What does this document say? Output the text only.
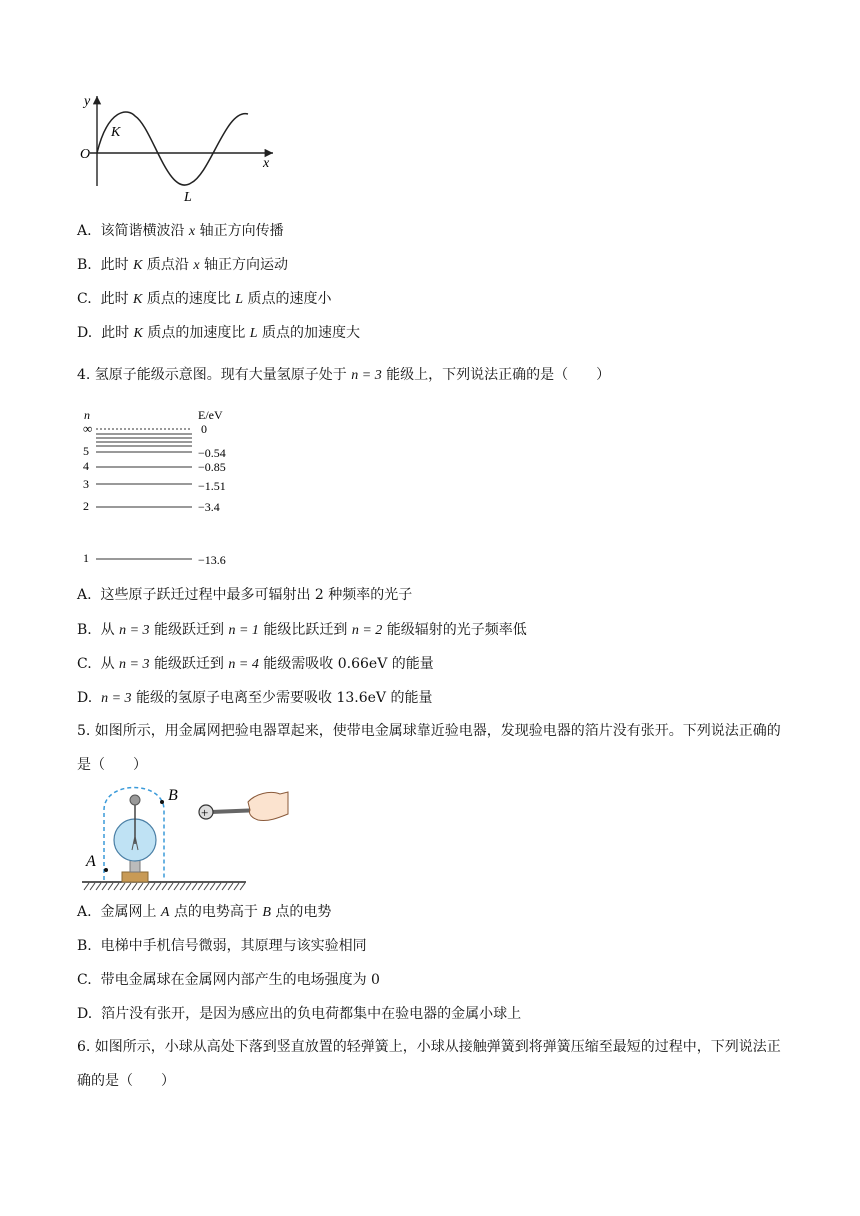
y
x
O
K
L
A. 该简谐横波沿 x 轴正方向传播
B. 此时 K 质点沿 x 轴正方向运动
C. 此时 K 质点的速度比 L 质点的速度小
D. 此时 K 质点的加速度比 L 质点的加速度大
4. 氢原子能级示意图。现有大量氢原子处于 n = 3 能级上，下列说法正确的是（　　）
n	E/eV
∞	0
5	−0.54
4	−0.85
3	−1.51
2	−3.4
1	−13.6
A. 这些原子跃迁过程中最多可辐射出 2 种频率的光子
B. 从 n = 3 能级跃迁到 n = 1 能级比跃迁到 n = 2 能级辐射的光子频率低
C. 从 n = 3 能级跃迁到 n = 4 能级需吸收 0.66eV 的能量
D. n = 3 能级的氢原子电离至少需要吸收 13.6eV 的能量
5. 如图所示，用金属网把验电器罩起来，使带电金属球靠近验电器，发现验电器的箔片没有张开。下列说法正确的是（　　）
A
B
+
A. 金属网上 A 点的电势高于 B 点的电势
B. 电梯中手机信号微弱，其原理与该实验相同
C. 带电金属球在金属网内部产生的电场强度为 0
D. 箔片没有张开，是因为感应出的负电荷都集中在验电器的金属小球上
6. 如图所示，小球从高处下落到竖直放置的轻弹簧上，小球从接触弹簧到将弹簧压缩至最短的过程中，下列说法正确的是（　　）
